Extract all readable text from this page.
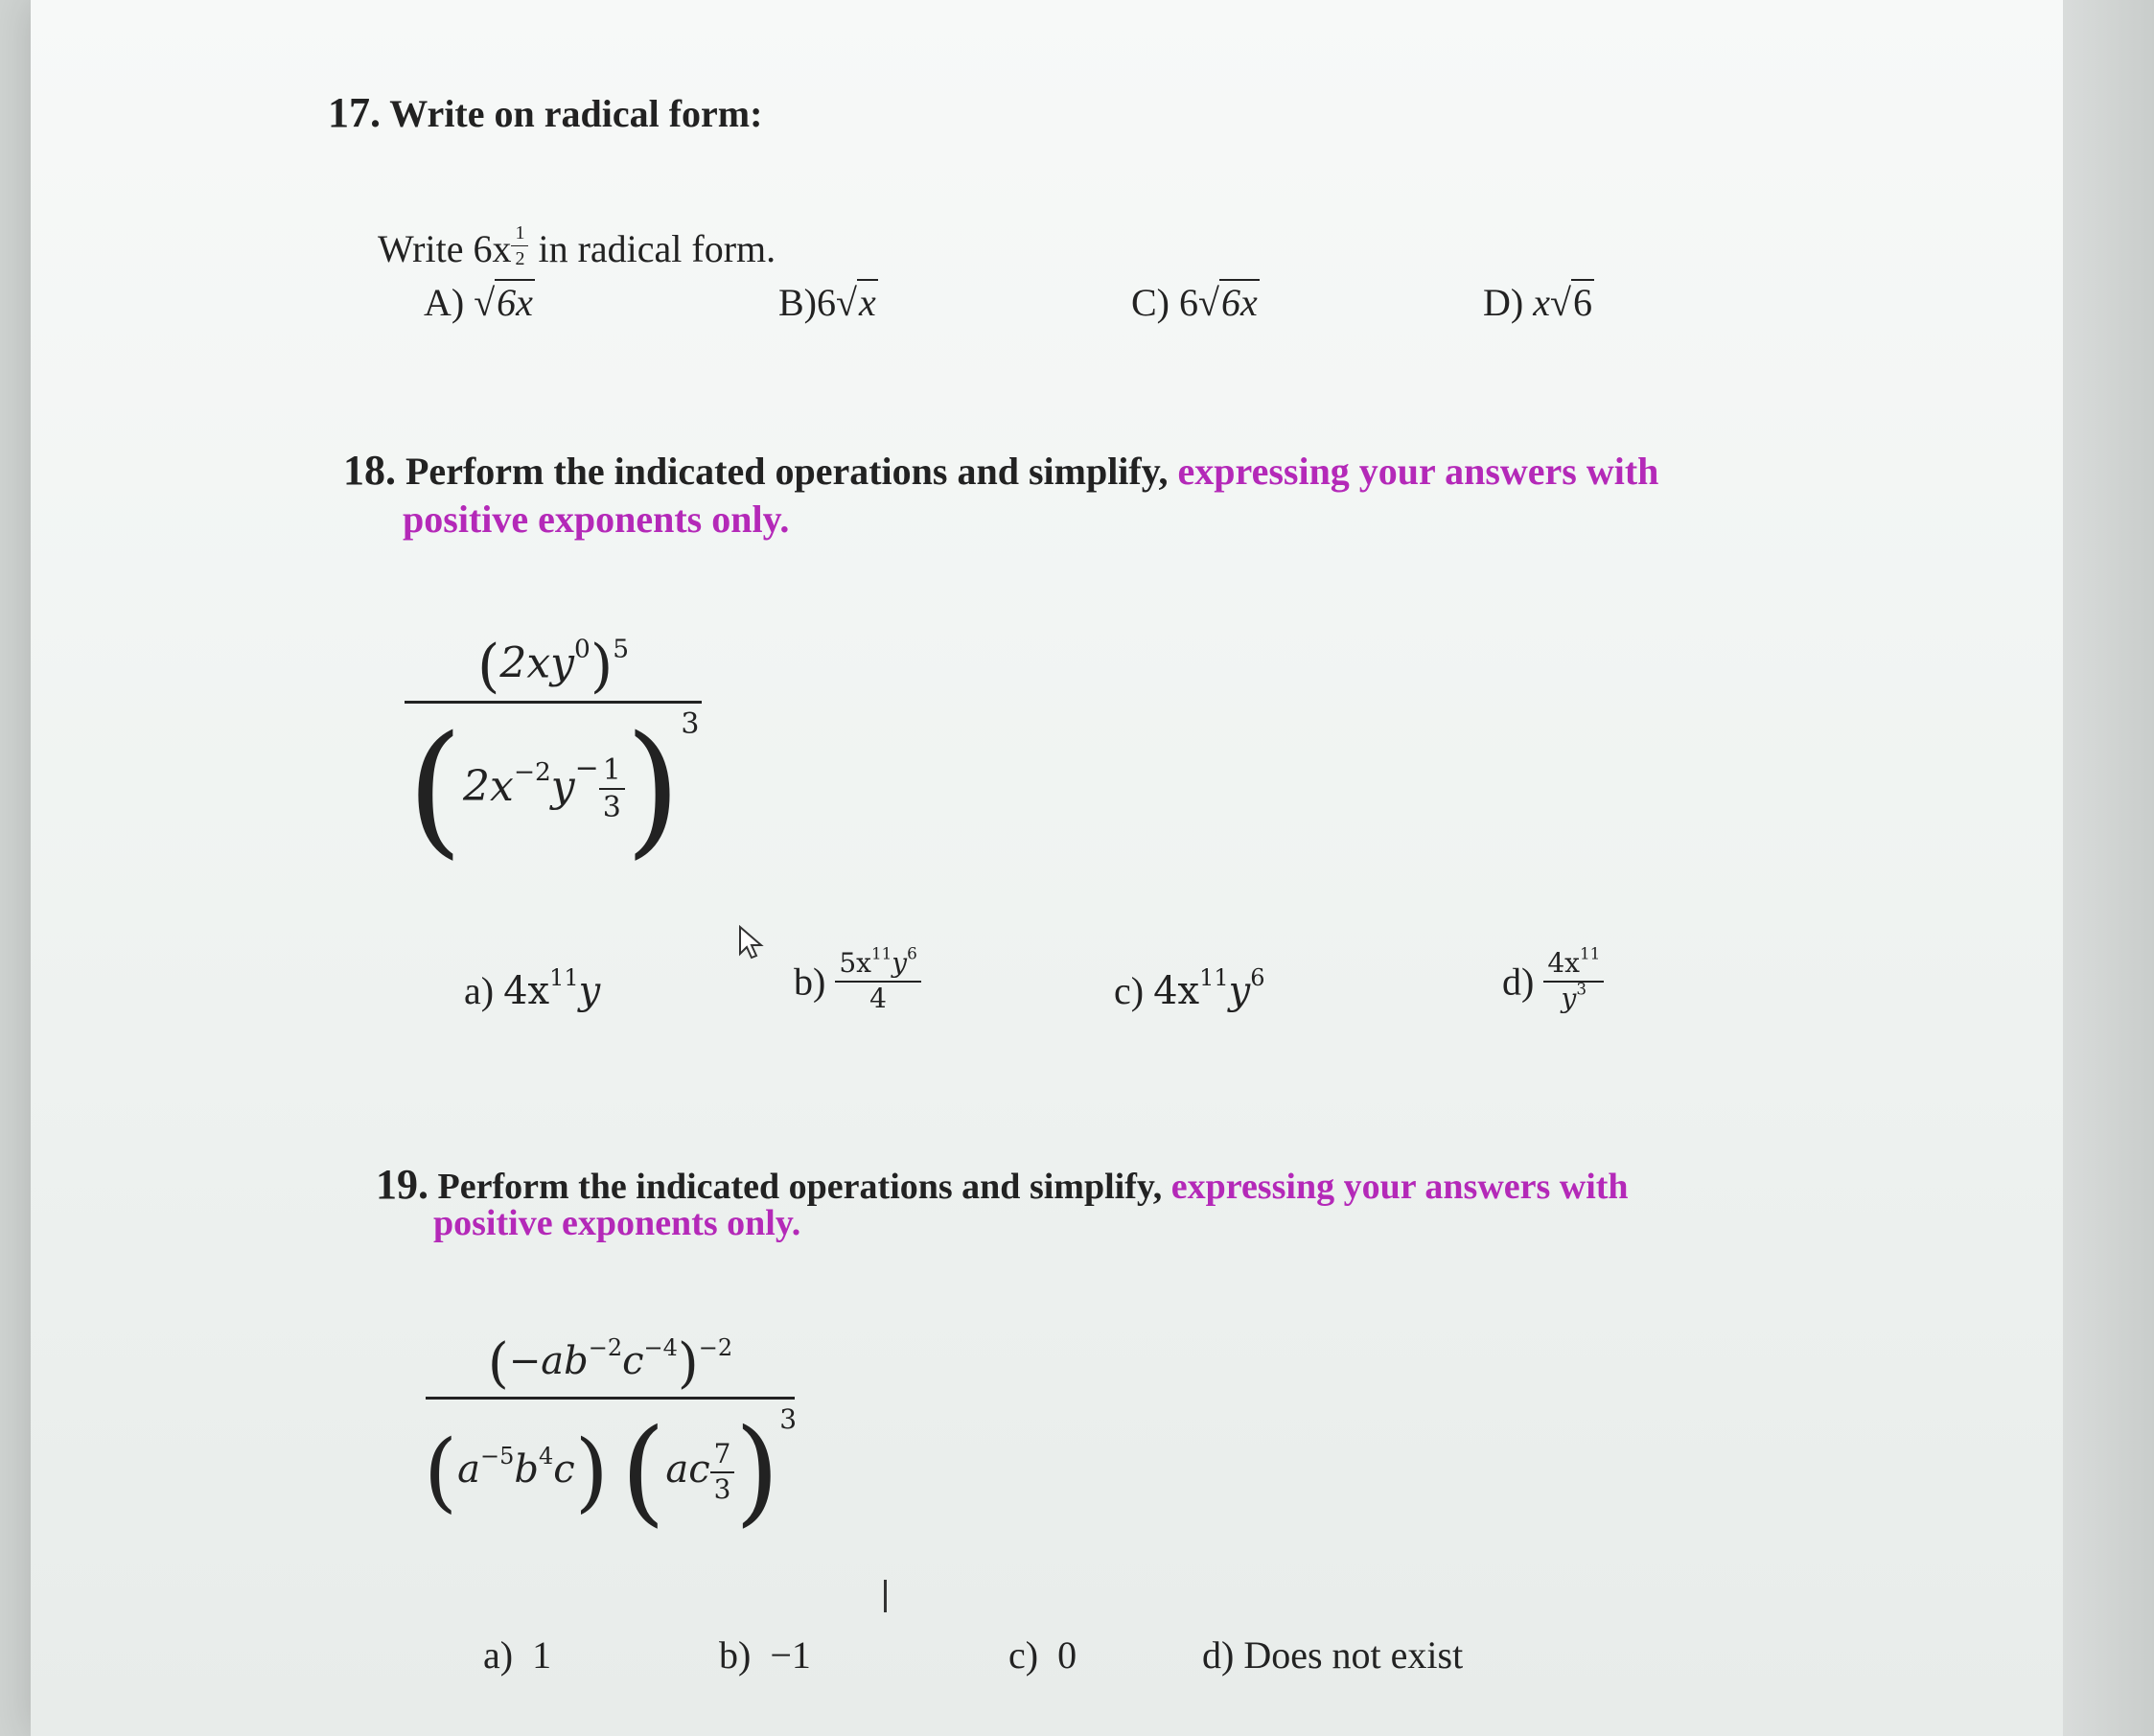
17. Write on radical form:
Write $6x \frac{1}{2}$ in radical form.
A) √6x	B)6√x	C) 6√6x	D) x√6
18. Perform the indicated operations and simplify, expressing your answers with
positive exponents only.
$(2xy^0)^5$
$(2x^{-2}y^- \frac{1}{3} )^3$
a) $4x^{11}y$	$b) \frac{5x^{11}y^6}{4}$	c) $4x^{11}y^6$	$d) \frac{4x^{11}}{y^3}$
19. Perform the indicated operations and simplify, expressing your answers with
positive exponents only.
$(-ab^{-2}c^{-4})^{-2}$
$(a^{-5}b^4c)$ $(ac \frac{7}{3} )^3$
a) 1	b) −1	c) 0	d) Does not exist
